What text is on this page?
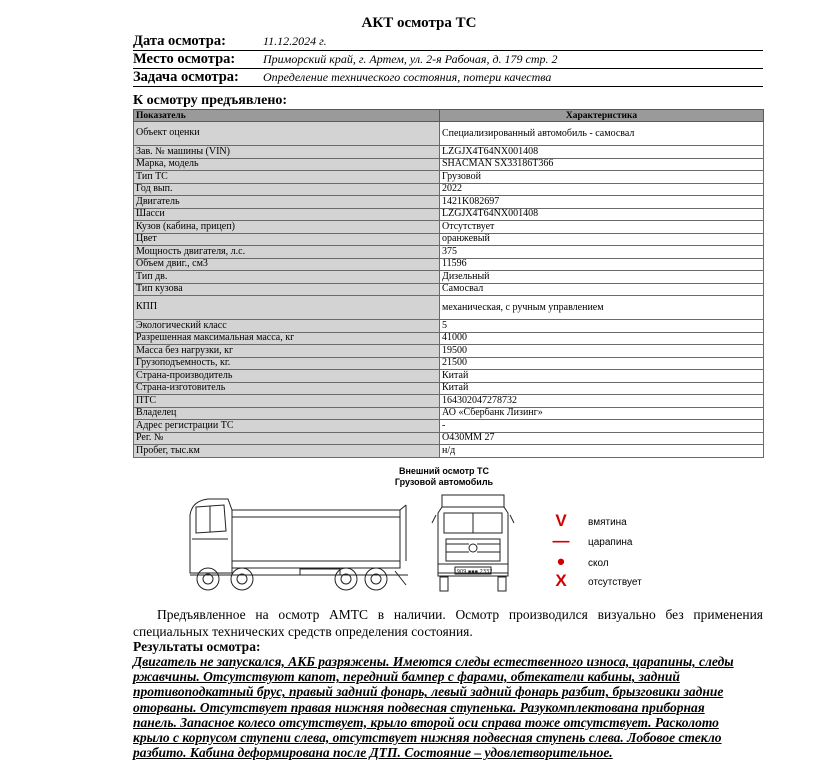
АКТ осмотра ТС
Дата осмотра:	11.12.2024 г.
Место осмотра: Приморский край, г. Артем, ул. 2-я Рабочая, д. 179 стр. 2
Задача осмотра: Определение технического состояния, потери качества
К осмотру предъявлено:
Показатель	Характеристика
Объект оценки	Специализированный автомобиль - самосвал
Зав. № машины (VIN)	LZGJX4T64NX001408
Марка, модель	SHACMAN SX33186T366
Тип ТС	Грузовой
Год вып.	2022
Двигатель	1421K082697
Шасси	LZGJX4T64NX001408
Кузов (кабина, прицеп)	Отсутствует
Цвет	оранжевый
Мощность двигателя, л.с.	375
Объем двиг., см3	11596
Тип дв.	Дизельный
Тип кузова	Самосвал
КПП	механическая, с ручным управлением
Экологический класс	5
Разрешенная максимальная масса, кг	41000
Масса без нагрузки, кг	19500
Грузоподъемность, кг.	21500
Страна-производитель	Китай
Страна-изготовитель	Китай
ПТС	164302047278732
Владелец	АО «Сбербанк Лизинг»
Адрес регистрации ТС	-
Рег. №	О430ММ 27
Пробег, тыс.км	н/д
Внешний осмотр ТС
Грузовой автомобиль
1909 ▪▪▪ 2332
V	вмятина
— царапина
•	скол
X	отсутствует
Предъявленное на осмотр АМТС в наличии. Осмотр производился визуально без применения специальных технических средств определения состояния.
Результаты осмотра:
Двигатель не запускался, АКБ разряжены. Имеются следы естественного износа, царапины, следы ржавчины. Отсутствуют капот, передний бампер с фарами, обтекатели кабины, задний противоподкатный брус, правый задний фонарь, левый задний фонарь разбит, брызговики задние оторваны. Отсутствует правая нижняя подвесная ступенька. Разукомплектована приборная панель. Запасное колесо отсутствует, крыло второй оси справа тоже отсутствует. Расколото крыло с корпусом ступени слева, отсутствует нижняя подвесная ступень слева. Лобовое стекло разбито. Кабина деформирована после ДТП. Состояние – удовлетворительное.
